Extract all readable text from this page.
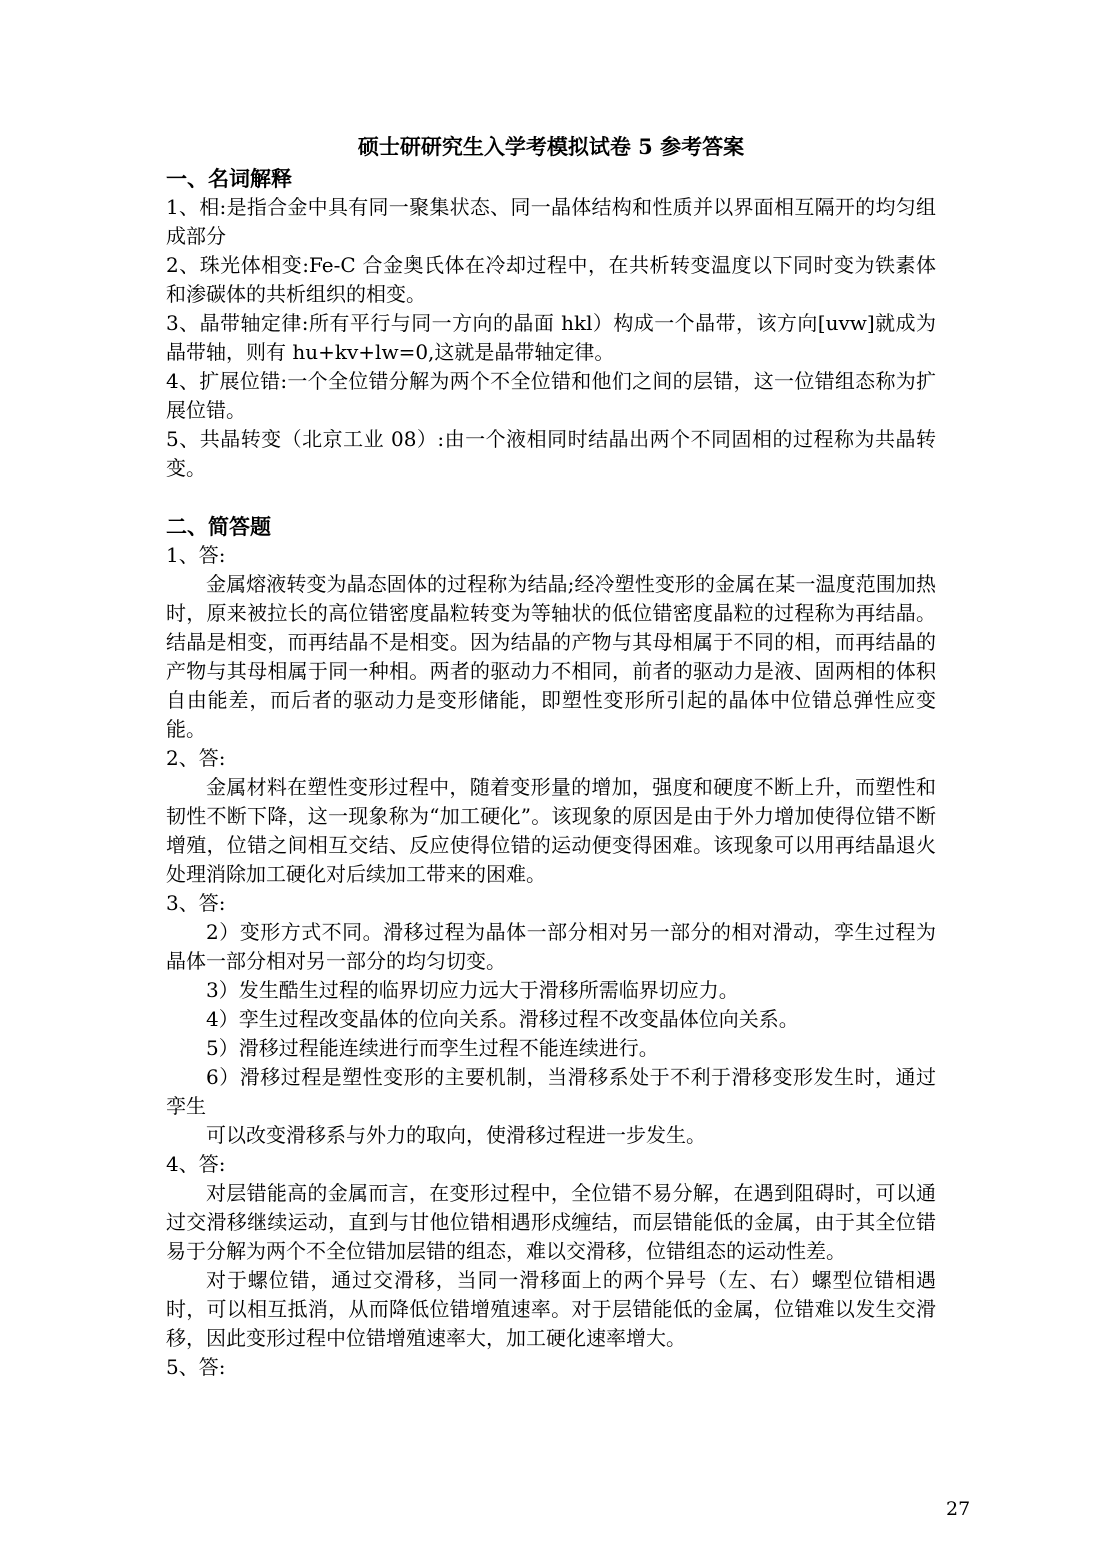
硕士研研究生入学考模拟试卷 5 参考答案

一、名词解释

1、相:是指合金中具有同一聚集状态、同一晶体结构和性质并以界面相互隔开的均匀组成部分

2、珠光体相变:Fe-C 合金奥氏体在冷却过程中，在共析转变温度以下同时变为铁素体和渗碳体的共析组织的相变。

3、晶带轴定律:所有平行与同一方向的晶面 hkl）构成一个晶带，该方向[uvw]就成为晶带轴，则有 hu+kv+lw=0,这就是晶带轴定律。

4、扩展位错:一个全位错分解为两个不全位错和他们之间的层错，这一位错组态称为扩展位错。

5、共晶转变（北京工业 08）:由一个液相同时结晶出两个不同固相的过程称为共晶转变。

二、简答题

1、答:

金属熔液转变为晶态固体的过程称为结晶;经冷塑性变形的金属在某一温度范围加热时，原来被拉长的高位错密度晶粒转变为等轴状的低位错密度晶粒的过程称为再结晶。结晶是相变，而再结晶不是相变。因为结晶的产物与其母相属于不同的相，而再结晶的产物与其母相属于同一种相。两者的驱动力不相同，前者的驱动力是液、固两相的体积自由能差，而后者的驱动力是变形储能，即塑性变形所引起的晶体中位错总弹性应变能。

2、答:

金属材料在塑性变形过程中，随着变形量的增加，强度和硬度不断上升，而塑性和韧性不断下降，这一现象称为“加工硬化”。该现象的原因是由于外力增加使得位错不断增殖，位错之间相互交结、反应使得位错的运动便变得困难。该现象可以用再结晶退火处理消除加工硬化对后续加工带来的困难。

3、答:

2）变形方式不同。滑移过程为晶体一部分相对另一部分的相对滑动，孪生过程为晶体一部分相对另一部分的均匀切变。

3）发生酷生过程的临界切应力远大于滑移所需临界切应力。

4）孪生过程改变晶体的位向关系。滑移过程不改变晶体位向关系。

5）滑移过程能连续进行而孪生过程不能连续进行。

6）滑移过程是塑性变形的主要机制，当滑移系处于不利于滑移变形发生时，通过孪生

可以改变滑移系与外力的取向，使滑移过程进一步发生。

4、答:

对层错能高的金属而言，在变形过程中，全位错不易分解，在遇到阻碍时，可以通过交滑移继续运动，直到与甘他位错相遇形戍缠结，而层错能低的金属，由于其全位错易于分解为两个不全位错加层错的组态，难以交滑移，位错组态的运动性差。

对于螺位错，通过交滑移，当同一滑移面上的两个异号（左、右）螺型位错相遇时，可以相互抵消，从而降低位错增殖速率。对于层错能低的金属，位错难以发生交滑移，因此变形过程中位错增殖速率大，加工硬化速率增大。

5、答:

27
